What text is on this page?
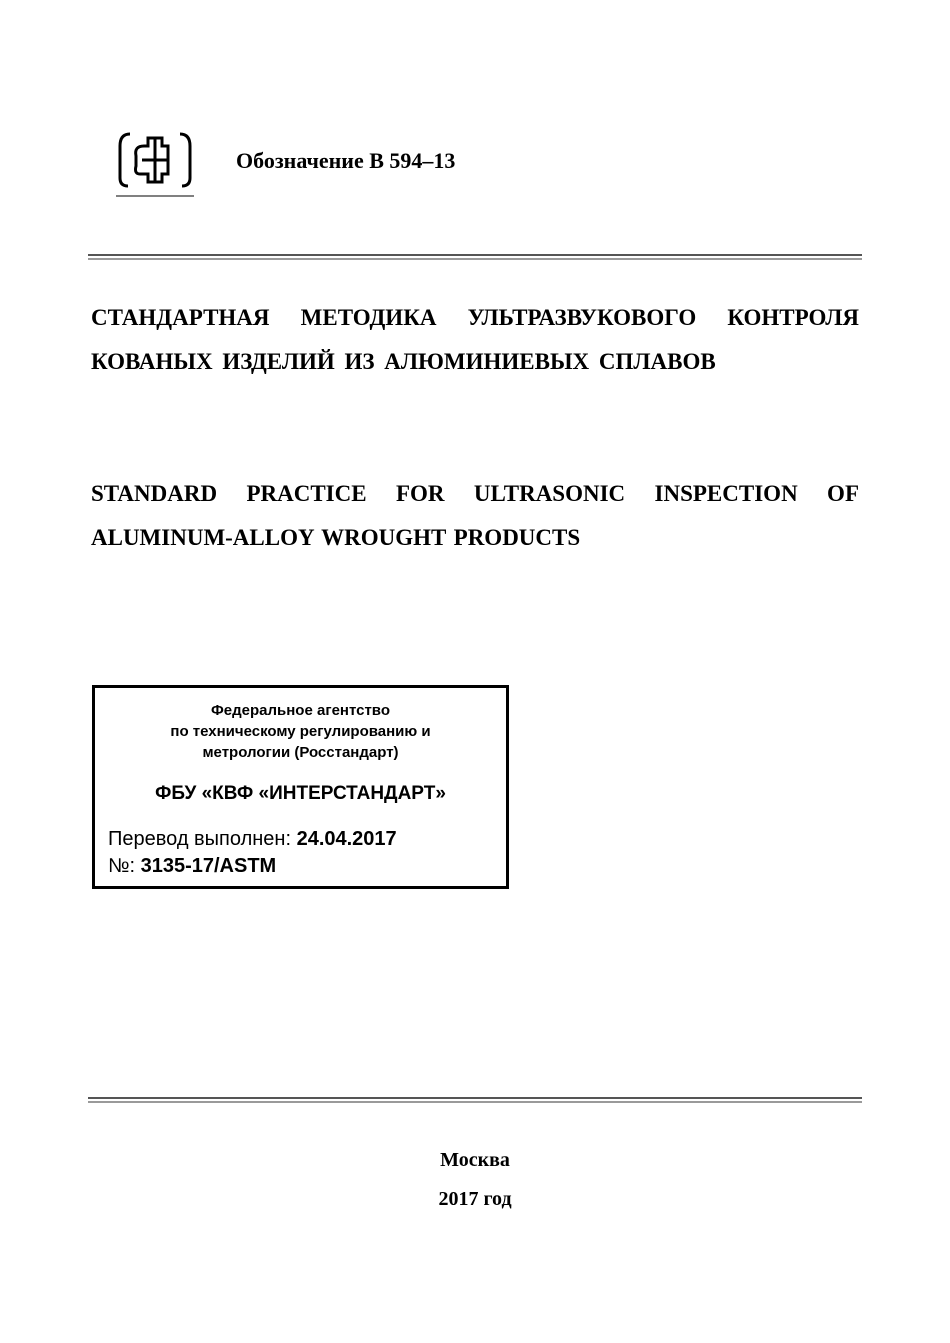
Обозначение В 594–13
СТАНДАРТНАЯ МЕТОДИКА УЛЬТРАЗВУКОВОГО КОНТРОЛЯ КОВАНЫХ ИЗДЕЛИЙ ИЗ АЛЮМИНИЕВЫХ СПЛАВОВ
STANDARD PRACTICE FOR ULTRASONIC INSPECTION OF ALUMINUM-ALLOY WROUGHT PRODUCTS
Федеральное агентство
по техническому регулированию и
метрологии (Росстандарт)
ФБУ «КВФ «ИНТЕРСТАНДАРТ»
Перевод выполнен: 24.04.2017
№: 3135-17/ASTM
Москва
2017 год
